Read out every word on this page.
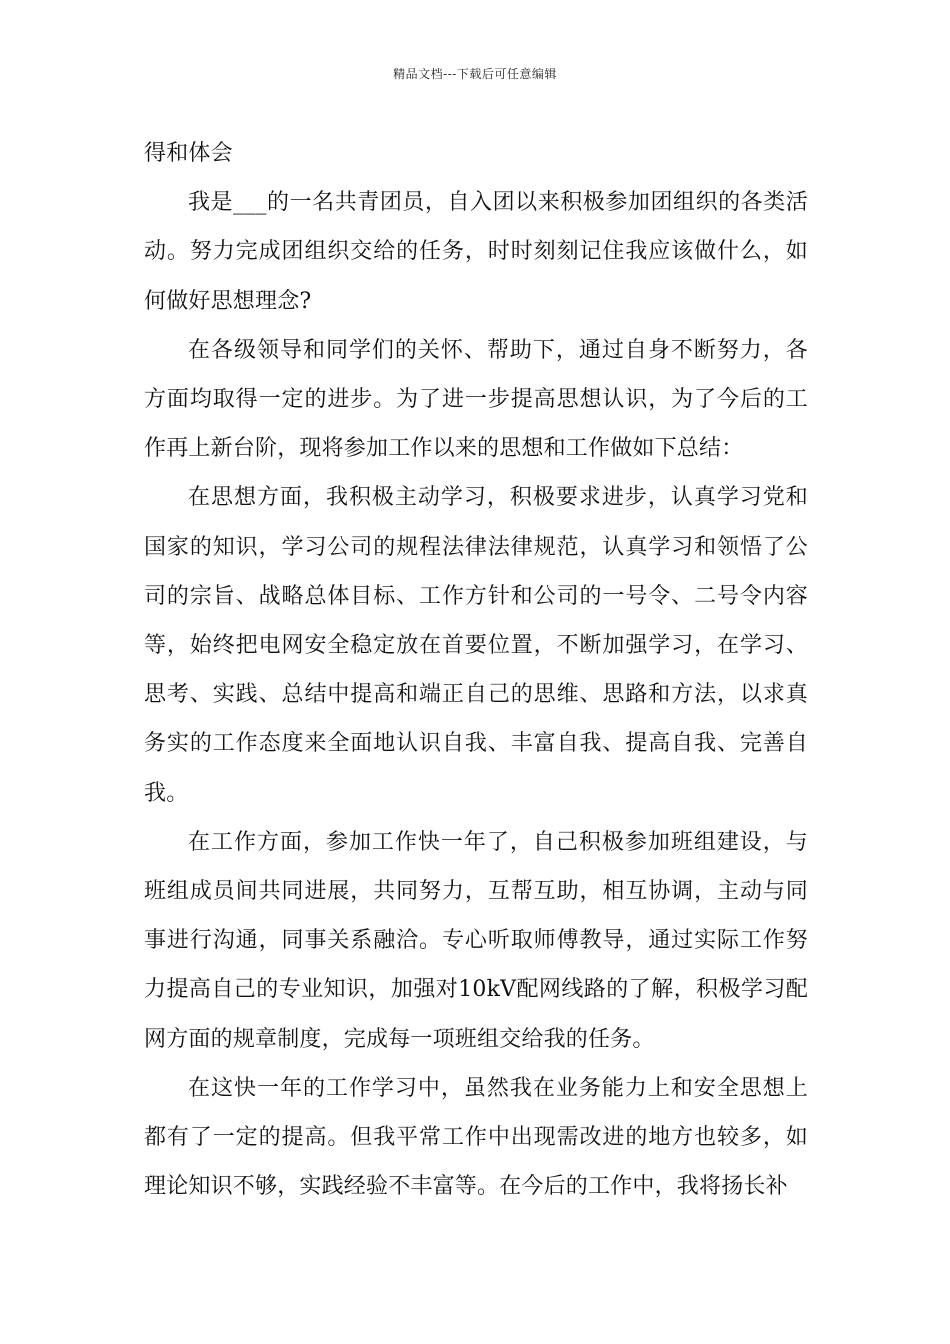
精品文档---下载后可任意编辑

得和体会

我是___的一名共青团员，自入团以来积极参加团组织的各类活动。努力完成团组织交给的任务，时时刻刻记住我应该做什么，如何做好思想理念?

在各级领导和同学们的关怀、帮助下，通过自身不断努力，各方面均取得一定的进步。为了进一步提高思想认识，为了今后的工作再上新台阶，现将参加工作以来的思想和工作做如下总结：

在思想方面，我积极主动学习，积极要求进步，认真学习党和国家的知识，学习公司的规程法律法律规范，认真学习和领悟了公司的宗旨、战略总体目标、工作方针和公司的一号令、二号令内容等，始终把电网安全稳定放在首要位置，不断加强学习，在学习、思考、实践、总结中提高和端正自己的思维、思路和方法，以求真务实的工作态度来全面地认识自我、丰富自我、提高自我、完善自我。

在工作方面，参加工作快一年了，自己积极参加班组建设，与班组成员间共同进展，共同努力，互帮互助，相互协调，主动与同事进行沟通，同事关系融洽。专心听取师傅教导，通过实际工作努力提高自己的专业知识，加强对10kV配网线路的了解，积极学习配网方面的规章制度，完成每一项班组交给我的任务。

在这快一年的工作学习中，虽然我在业务能力上和安全思想上都有了一定的提高。但我平常工作中出现需改进的地方也较多，如理论知识不够，实践经验不丰富等。在今后的工作中，我将扬长补
